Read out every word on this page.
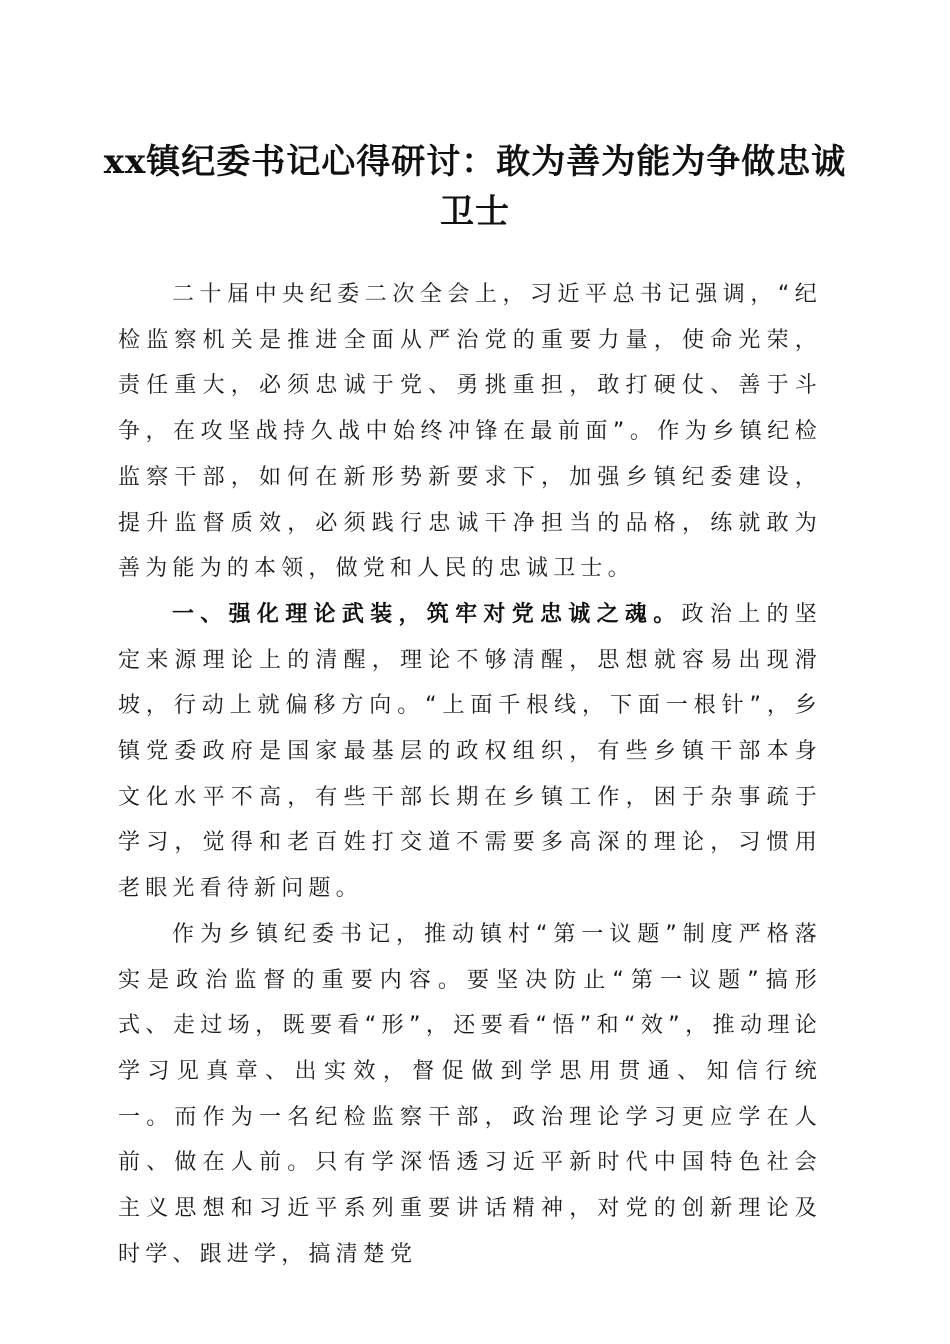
xx镇纪委书记心得研讨：敢为善为能为争做忠诚卫士

二十届中央纪委二次全会上，习近平总书记强调，“纪检监察机关是推进全面从严治党的重要力量，使命光荣，责任重大，必须忠诚于党、勇挑重担，敢打硬仗、善于斗争，在攻坚战持久战中始终冲锋在最前面”。作为乡镇纪检监察干部，如何在新形势新要求下，加强乡镇纪委建设，提升监督质效，必须践行忠诚干净担当的品格，练就敢为善为能为的本领，做党和人民的忠诚卫士。

一、强化理论武装，筑牢对党忠诚之魂。政治上的坚定来源理论上的清醒，理论不够清醒，思想就容易出现滑坡，行动上就偏移方向。“上面千根线，下面一根针”，乡镇党委政府是国家最基层的政权组织，有些乡镇干部本身文化水平不高，有些干部长期在乡镇工作，困于杂事疏于学习，觉得和老百姓打交道不需要多高深的理论，习惯用老眼光看待新问题。

作为乡镇纪委书记，推动镇村“第一议题”制度严格落实是政治监督的重要内容。要坚决防止“第一议题”搞形式、走过场，既要看“形”，还要看“悟”和“效”，推动理论学习见真章、出实效，督促做到学思用贯通、知信行统一。而作为一名纪检监察干部，政治理论学习更应学在人前、做在人前。只有学深悟透习近平新时代中国特色社会主义思想和习近平系列重要讲话精神，对党的创新理论及时学、跟进学，搞清楚党
